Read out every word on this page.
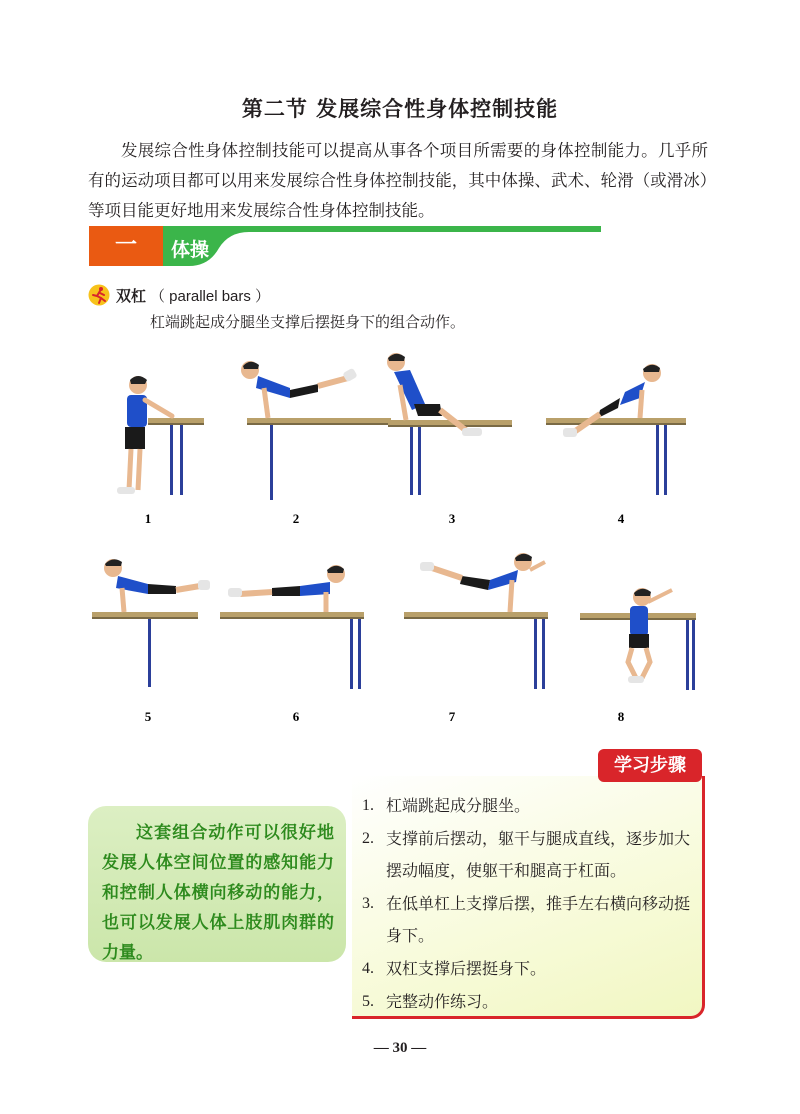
第二节 发展综合性身体控制技能

发展综合性身体控制技能可以提高从事各个项目所需要的身体控制能力。几乎所有的运动项目都可以用来发展综合性身体控制技能，其中体操、武术、轮滑（或滑冰）等项目能更好地用来发展综合性身体控制技能。

一	体操
双杠 （ parallel bars ）
杠端跳起成分腿坐支撑后摆挺身下的组合动作。
1	2	3	4
5	6	7	8
这套组合动作可以很好地发展人体空间位置的感知能力和控制人体横向移动的能力，也可以发展人体上肢肌肉群的力量。
学习步骤
1. 杠端跳起成分腿坐。
2. 支撑前后摆动，躯干与腿成直线，逐步加大摆动幅度，使躯干和腿高于杠面。
3. 在低单杠上支撑后摆，推手左右横向移动挺身下。
4. 双杠支撑后摆挺身下。
5. 完整动作练习。
— 30 —
